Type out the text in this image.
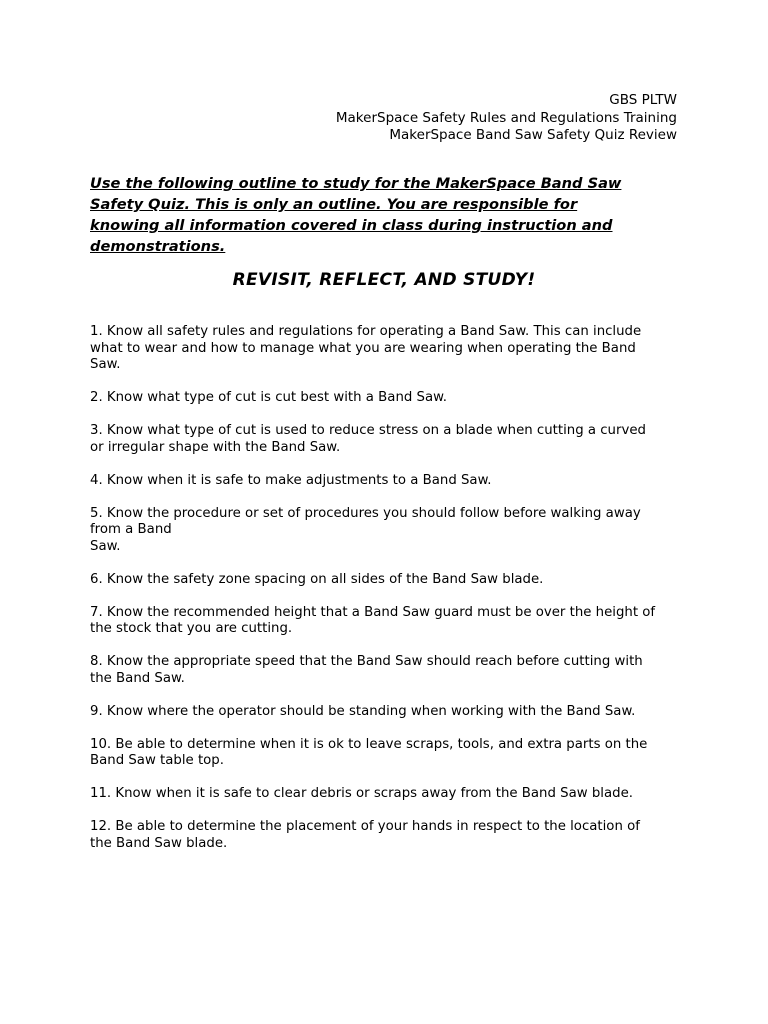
GBS PLTW
MakerSpace Safety Rules and Regulations Training
MakerSpace Band Saw Safety Quiz Review
Use the following outline to study for the MakerSpace Band Saw
Safety Quiz. This is only an outline. You are responsible for
knowing all information covered in class during instruction and
demonstrations.
REVISIT, REFLECT, AND STUDY!
1. Know all safety rules and regulations for operating a Band Saw. This can include
what to wear and how to manage what you are wearing when operating the Band
Saw.
2. Know what type of cut is cut best with a Band Saw.
3. Know what type of cut is used to reduce stress on a blade when cutting a curved
or irregular shape with the Band Saw.
4. Know when it is safe to make adjustments to a Band Saw.
5. Know the procedure or set of procedures you should follow before walking away
from a Band
Saw.
6. Know the safety zone spacing on all sides of the Band Saw blade.
7. Know the recommended height that a Band Saw guard must be over the height of
the stock that you are cutting.
8. Know the appropriate speed that the Band Saw should reach before cutting with
the Band Saw.
9. Know where the operator should be standing when working with the Band Saw.
10. Be able to determine when it is ok to leave scraps, tools, and extra parts on the
Band Saw table top.
11. Know when it is safe to clear debris or scraps away from the Band Saw blade.
12. Be able to determine the placement of your hands in respect to the location of
the Band Saw blade.
